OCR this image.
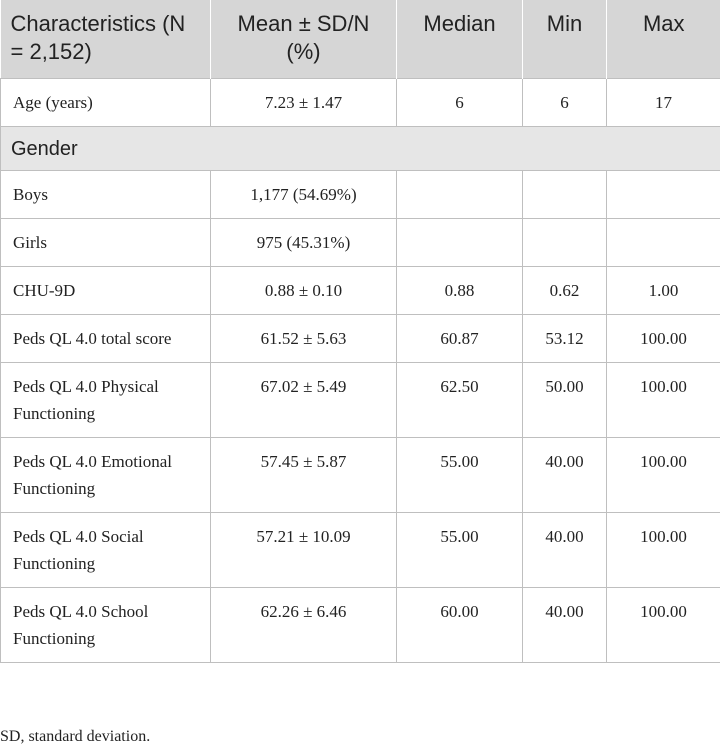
Characteristics (N = 2,152)	Mean ± SD/N (%)	Median	Min	Max
Age (years)	7.23 ± 1.47	6	6	17
Gender				
Boys	1,177 (54.69%)			
Girls	975 (45.31%)			
CHU-9D	0.88 ± 0.10	0.88	0.62	1.00
Peds QL 4.0 total score	61.52 ± 5.63	60.87	53.12	100.00
Peds QL 4.0 Physical Functioning	67.02 ± 5.49	62.50	50.00	100.00
Peds QL 4.0 Emotional Functioning	57.45 ± 5.87	55.00	40.00	100.00
Peds QL 4.0 Social Functioning	57.21 ± 10.09	55.00	40.00	100.00
Peds QL 4.0 School Functioning	62.26 ± 6.46	60.00	40.00	100.00
SD, standard deviation.
